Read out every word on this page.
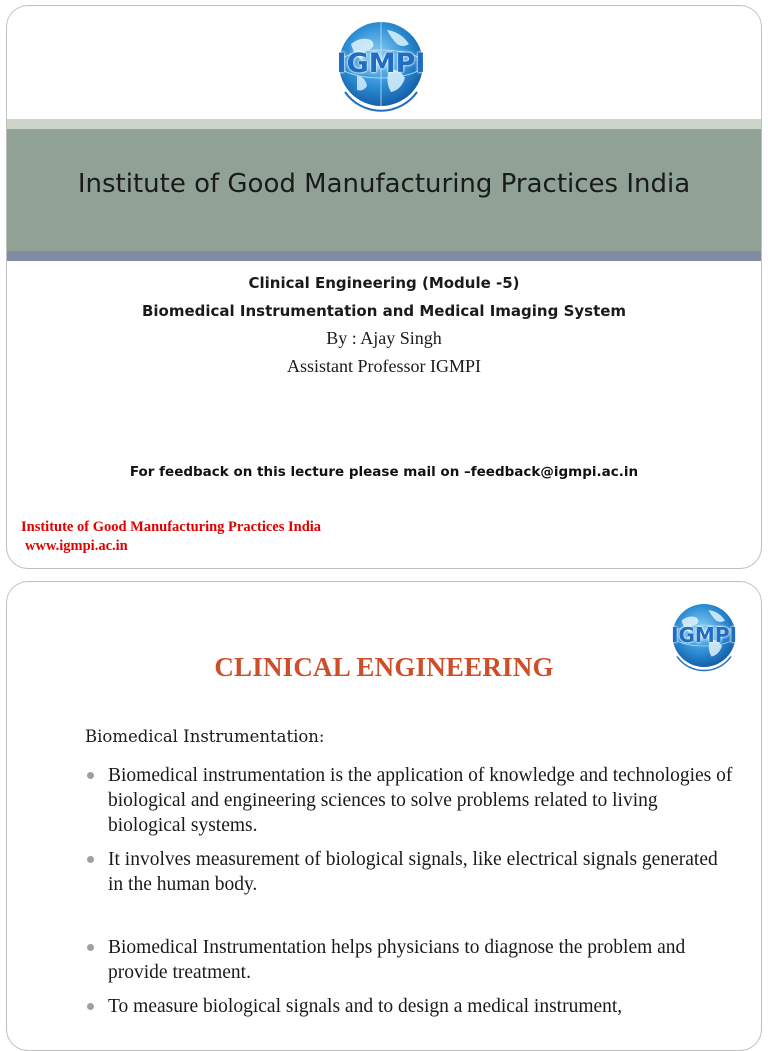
IGMPI
Institute of Good Manufacturing Practices India
Clinical Engineering (Module -5)
Biomedical Instrumentation and Medical Imaging System
By : Ajay Singh
Assistant Professor IGMPI
For feedback on this lecture please mail on –feedback@igmpi.ac.in
Institute of Good Manufacturing Practices India
www.igmpi.ac.in
IGMPI
CLINICAL ENGINEERING
Biomedical Instrumentation:
Biomedical instrumentation is the application of knowledge and technologies of biological and engineering sciences to solve problems related to living biological systems.
It involves measurement of biological signals, like electrical signals generated in the human body.
Biomedical Instrumentation helps physicians to diagnose the problem and provide treatment.
To measure biological signals and to design a medical instrument,
